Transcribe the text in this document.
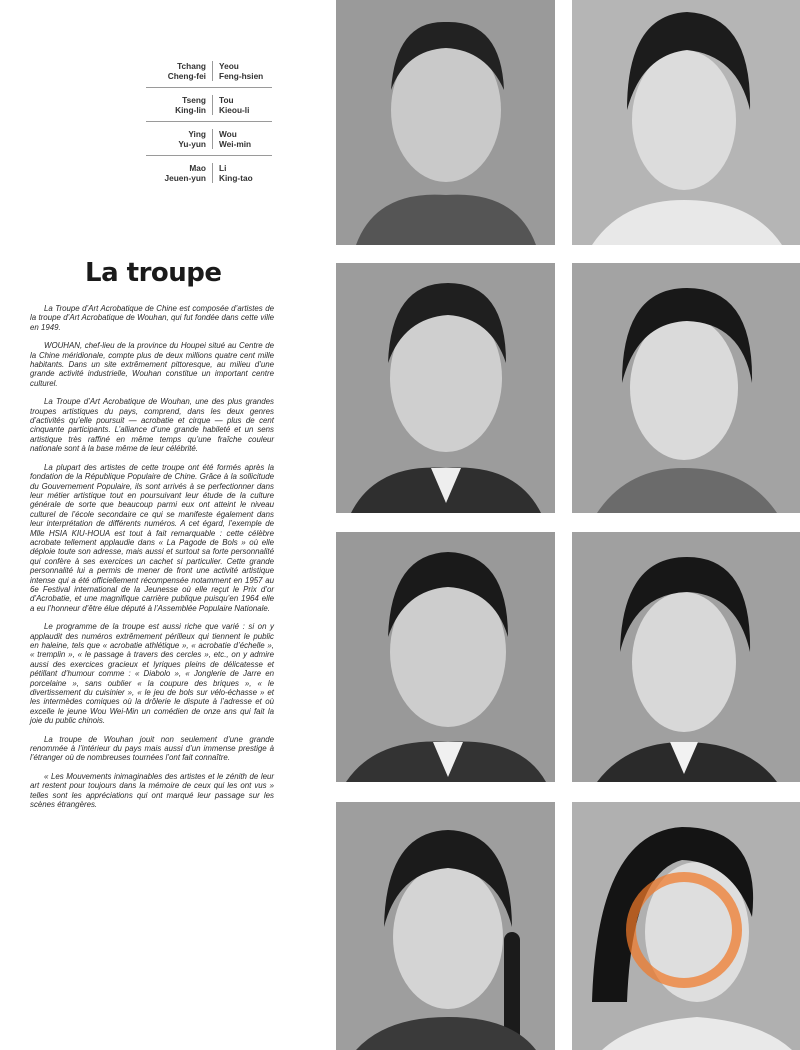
Tchang
Cheng-fei
Yeou
Feng-hsien
Tseng
King-lin
Tou
Kieou-li
Ying
Yu-yun
Wou
Wei-min
Mao
Jeuen-yun
Li
King-tao
La troupe

La Troupe d’Art Acrobatique de Chine est composée d’artistes de la troupe d’Art Acrobatique de Wouhan, qui fut fondée dans cette ville en 1949.

WOUHAN, chef-lieu de la province du Houpei situé au Centre de la Chine méridionale, compte plus de deux millions quatre cent mille habitants. Dans un site extrêmement pittoresque, au milieu d’une grande activité industrielle, Wouhan constitue un important centre culturel.

La Troupe d’Art Acrobatique de Wouhan, une des plus grandes troupes artistiques du pays, comprend, dans les deux genres d’activités qu’elle poursuit — acrobatie et cirque — plus de cent cinquante participants. L’alliance d’une grande habileté et un sens artistique très raffiné en même temps qu’une fraîche couleur nationale sont à la base même de leur célébrité.

La plupart des artistes de cette troupe ont été formés après la fondation de la République Populaire de Chine. Grâce à la sollicitude du Gouvernement Populaire, ils sont arrivés à se perfectionner dans leur métier artistique tout en poursuivant leur étude de la culture générale de sorte que beaucoup parmi eux ont atteint le niveau culturel de l’école secondaire ce qui se manifeste également dans leur interprétation de différents numéros. A cet égard, l’exemple de Mlle HSIA KIU-HOUA est tout à fait remarquable : cette célèbre acrobate tellement applaudie dans « La Pagode de Bols » où elle déploie toute son adresse, mais aussi et surtout sa forte personnalité qui confère à ses exercices un cachet si particulier. Cette grande personnalité lui a permis de mener de front une activité artistique intense qui a été officiellement récompensée notamment en 1957 au 6e Festival international de la Jeunesse où elle reçut le Prix d’or d’Acrobatie, et une magnifique carrière publique puisqu’en 1964 elle a eu l’honneur d’être élue député à l’Assemblée Populaire Nationale.

Le programme de la troupe est aussi riche que varié : si on y applaudit des numéros extrêmement périlleux qui tiennent le public en haleine, tels que « acrobatie athlétique », « acrobatie d’échelle », « tremplin », « le passage à travers des cercles », etc., on y admire aussi des exercices gracieux et lyriques pleins de délicatesse et pétillant d’humour comme : « Diabolo », « Jonglerie de Jarre en porcelaine », sans oublier « la coupure des briques », « le divertissement du cuisinier », « le jeu de bols sur vélo-échasse » et les intermèdes comiques où la drôlerie le dispute à l’adresse et où excelle le jeune Wou Wei-Min un comédien de onze ans qui fait la joie du public chinois.

La troupe de Wouhan jouit non seulement d’une grande renommée à l’intérieur du pays mais aussi d’un immense prestige à l’étranger où de nombreuses tournées l’ont fait connaître.

« Les Mouvements inimaginables des artistes et le zénith de leur art restent pour toujours dans la mémoire de ceux qui les ont vus » telles sont les appréciations qui ont marqué leur passage sur les scènes étrangères.
